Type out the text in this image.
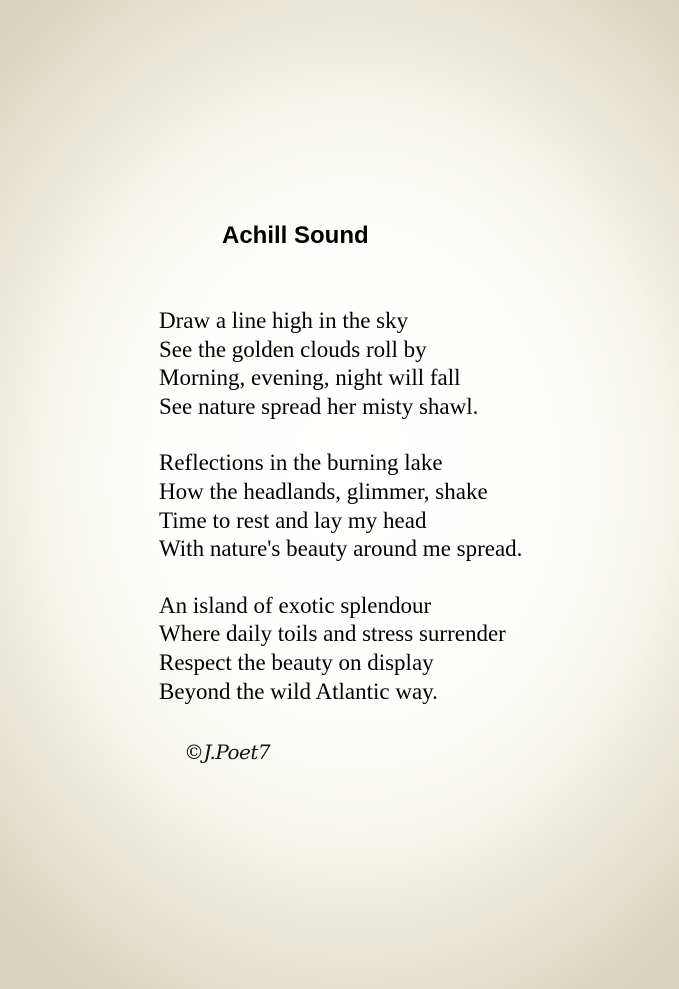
Achill Sound
Draw a line high in the sky
See the golden clouds roll by
Morning, evening, night will fall
See nature spread her misty shawl.
Reflections in the burning lake
How the headlands, glimmer, shake
Time to rest and lay my head
With nature's beauty around me spread.
An island of exotic splendour
Where daily toils and stress surrender
Respect the beauty on display
Beyond the wild Atlantic way.
©J.Poet7
